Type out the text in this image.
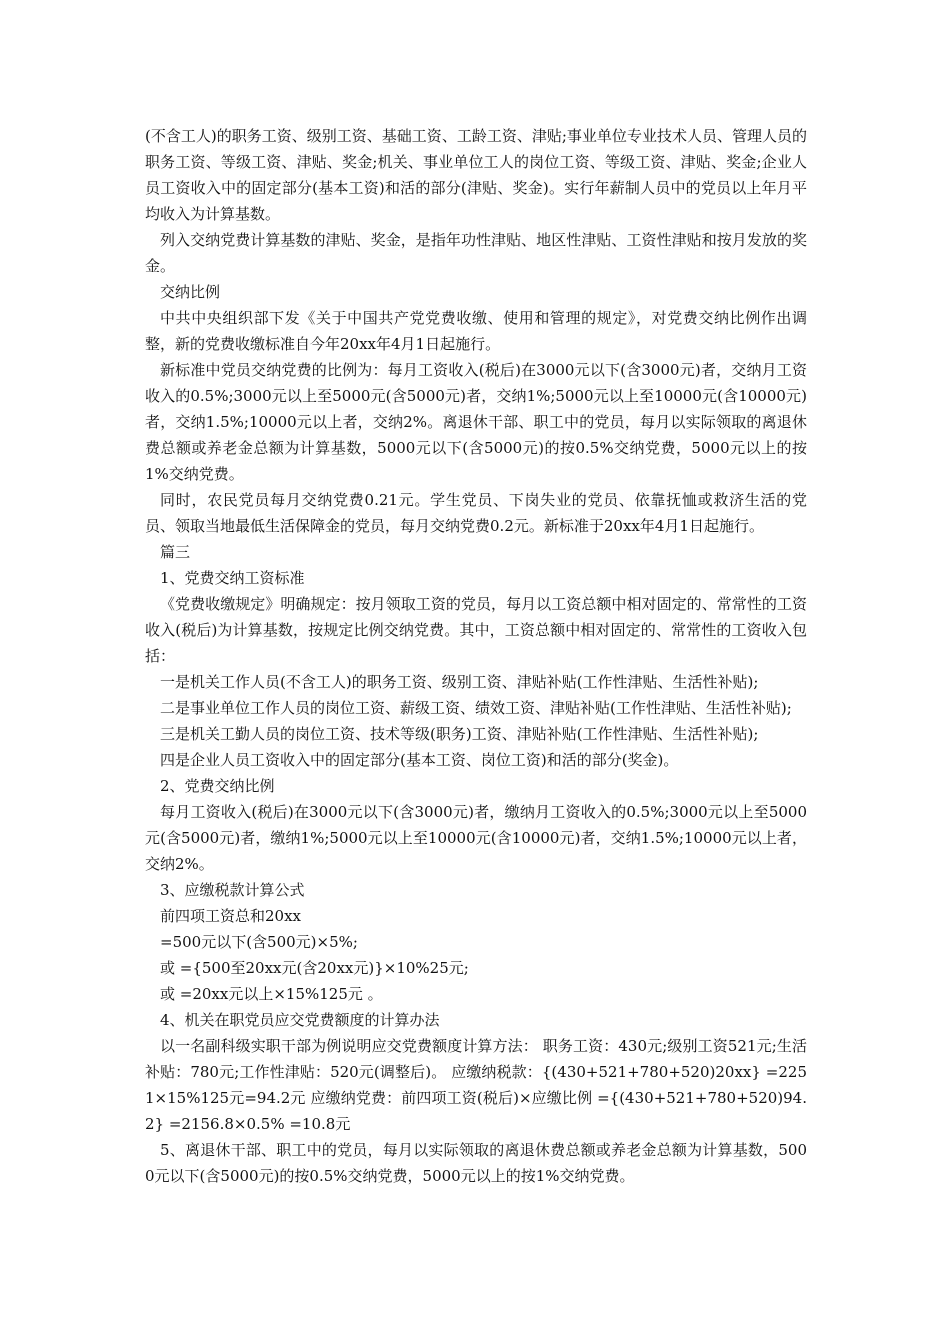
(不含工人)的职务工资、级别工资、基础工资、工龄工资、津贴;事业单位专业技术人员、管理人员的职务工资、等级工资、津贴、奖金;机关、事业单位工人的岗位工资、等级工资、津贴、奖金;企业人员工资收入中的固定部分(基本工资)和活的部分(津贴、奖金)。实行年薪制人员中的党员以上年月平均收入为计算基数。

列入交纳党费计算基数的津贴、奖金，是指年功性津贴、地区性津贴、工资性津贴和按月发放的奖金。

交纳比例

中共中央组织部下发《关于中国共产党党费收缴、使用和管理的规定》，对党费交纳比例作出调整，新的党费收缴标准自今年20xx年4月1日起施行。

新标准中党员交纳党费的比例为：每月工资收入(税后)在3000元以下(含3000元)者，交纳月工资收入的0.5%;3000元以上至5000元(含5000元)者，交纳1%;5000元以上至10000元(含10000元)者，交纳1.5%;10000元以上者，交纳2%。离退休干部、职工中的党员，每月以实际领取的离退休费总额或养老金总额为计算基数，5000元以下(含5000元)的按0.5%交纳党费，5000元以上的按1%交纳党费。

同时，农民党员每月交纳党费0.21元。学生党员、下岗失业的党员、依靠抚恤或救济生活的党员、领取当地最低生活保障金的党员，每月交纳党费0.2元。新标准于20xx年4月1日起施行。

篇三

1、党费交纳工资标准

《党费收缴规定》明确规定：按月领取工资的党员，每月以工资总额中相对固定的、常常性的工资收入(税后)为计算基数，按规定比例交纳党费。其中，工资总额中相对固定的、常常性的工资收入包括：

一是机关工作人员(不含工人)的职务工资、级别工资、津贴补贴(工作性津贴、生活性补贴);

二是事业单位工作人员的岗位工资、薪级工资、绩效工资、津贴补贴(工作性津贴、生活性补贴);

三是机关工勤人员的岗位工资、技术等级(职务)工资、津贴补贴(工作性津贴、生活性补贴);

四是企业人员工资收入中的固定部分(基本工资、岗位工资)和活的部分(奖金)。

2、党费交纳比例

每月工资收入(税后)在3000元以下(含3000元)者，缴纳月工资收入的0.5%;3000元以上至5000元(含5000元)者，缴纳1%;5000元以上至10000元(含10000元)者，交纳1.5%;10000元以上者，交纳2%。

3、应缴税款计算公式

前四项工资总和20xx

=500元以下(含500元)×5%;

或 ={500至20xx元(含20xx元)}×10%25元;

或 =20xx元以上×15%125元 。

4、机关在职党员应交党费额度的计算办法

以一名副科级实职干部为例说明应交党费额度计算方法： 职务工资：430元;级别工资521元;生活补贴：780元;工作性津贴：520元(调整后)。 应缴纳税款：{(430+521+780+520)20xx} =2251×15%125元=94.2元 应缴纳党费：前四项工资(税后)×应缴比例 ={(430+521+780+520)94.2} =2156.8×0.5% =10.8元

5、离退休干部、职工中的党员，每月以实际领取的离退休费总额或养老金总额为计算基数，5000元以下(含5000元)的按0.5%交纳党费，5000元以上的按1%交纳党费。
